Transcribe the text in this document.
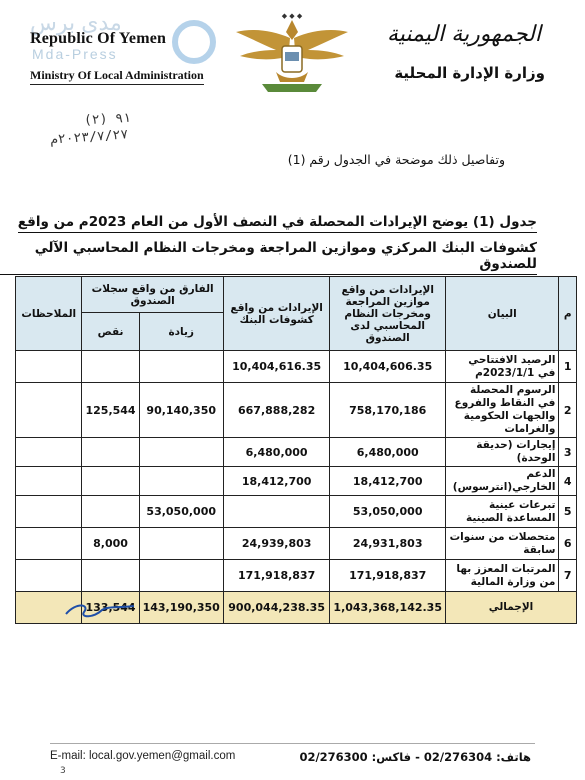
مدى برس
Mda-Press
Republic Of Yemen
Ministry Of Local Administration
◆ ◆ ◆
الجمهورية اليمنية
وزارة الإدارة المحلية
(٢) ٩١
٢٠٢٣/٧/٢٧م
وتفاصيل ذلك موضحة في الجدول رقم (1)
جدول (1) يوضح الإيرادات المحصلة في النصف الأول من العام 2023م من واقع
كشوفات البنك المركزي وموازين المراجعة ومخرجات النظام المحاسبي الآلي للصندوق
م	البيان	الإيرادات من واقع موازين المراجعة ومخرجات النظام المحاسبي لدى الصندوق	الإيرادات من واقع كشوفات البنك	الفارق من واقع سجلات الصندوق		الملاحظات
				زيادة	نقص	
1	الرصيد الافتتاحي في 2023/1/1م	10,404,606.35	10,404,616.35			
2	الرسوم المحصلة في النقاط والفروع والجهات الحكومية والغرامات	758,170,186	667,888,282	90,140,350	125,544	
3	إيجارات (حديقة الوحدة)	6,480,000	6,480,000			
4	الدعم الخارجي(انترسوس)	18,412,700	18,412,700			
5	تبرعات عينية المساعدة الصينية	53,050,000		53,050,000		
6	متحصلات من سنوات سابقة	24,931,803	24,939,803		8,000	
7	المرتبات المعزز بها من وزارة المالية	171,918,837	171,918,837			
الإجمالي		1,043,368,142.35	900,044,238.35	143,190,350	133,544	
E-mail: local.gov.yemen@gmail.com	هاتف: 02/276304 - فاكس: 02/276300
3
